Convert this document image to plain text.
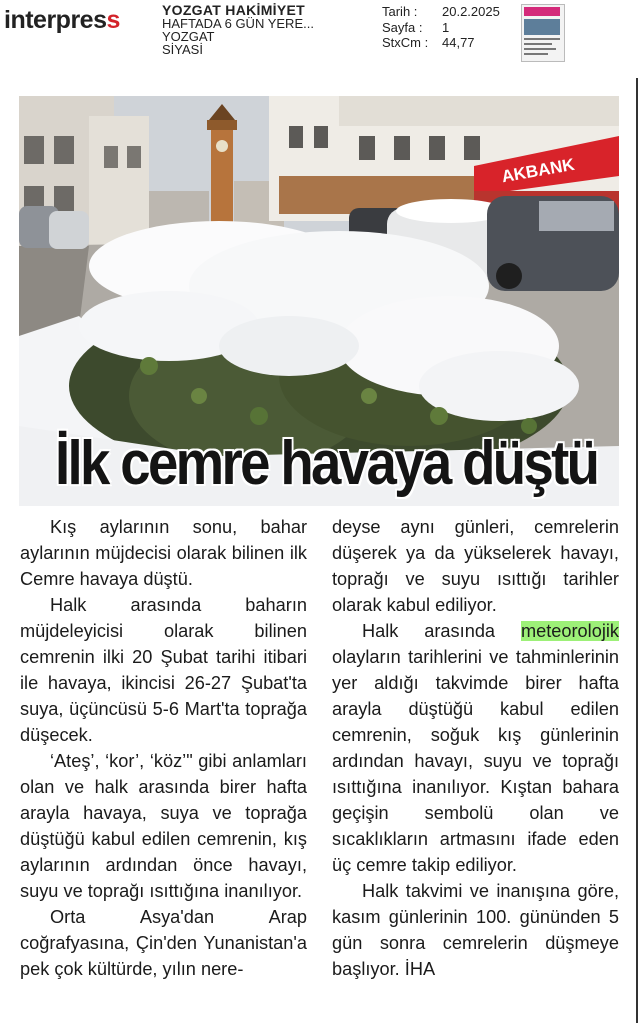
interpress	YOZGAT HAKİMİYET
HAFTADA 6 GÜN YERE...
YOZGAT
SİYASİ
Tarih :	20.2.2025
Sayfa :	1
StxCm :	44,77
AKBANK
İlk cemre havaya düştü

Kış aylarının sonu, bahar aylarının müjdecisi olarak bilinen ilk Cemre havaya düştü.

Halk arasında baharın müjdeleyicisi olarak bilinen cemrenin ilki 20 Şubat tarihi itibari ile havaya, ikincisi 26-27 Şubat'ta suya, üçüncüsü 5-6 Mart'ta toprağa düşecek.

‘Ateş’, ‘kor’, ‘köz’" gibi anlamları olan ve halk arasında birer hafta arayla havaya, suya ve toprağa düştüğü kabul edilen cemrenin, kış aylarının ardından önce havayı, suyu ve toprağı ısıttığına inanılıyor.

Orta Asya'dan Arap coğrafyasına, Çin'den Yunanistan'a pek çok kültürde, yılın nere-

deyse aynı günleri, cemrelerin düşerek ya da yükselerek havayı, toprağı ve suyu ısıttığı tarihler olarak kabul ediliyor.

Halk arasında meteorolojik olayların tarihlerini ve tahminlerinin yer aldığı takvimde birer hafta arayla düştüğü kabul edilen cemrenin, soğuk kış günlerinin ardından havayı, suyu ve toprağı ısıttığına inanılıyor. Kıştan bahara geçişin sembolü olan ve sıcaklıkların artmasını ifade eden üç cemre takip ediliyor.

Halk takvimi ve inanışına göre, kasım günlerinin 100. gününden 5 gün sonra cemrelerin düşmeye başlıyor. İHA
